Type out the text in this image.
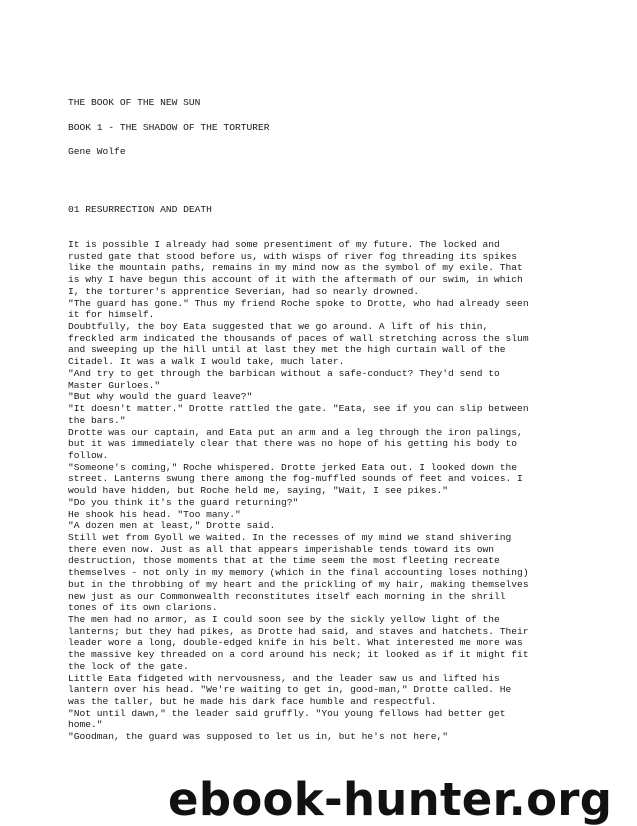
THE BOOK OF THE NEW SUN
BOOK 1 - THE SHADOW OF THE TORTURER
Gene Wolfe
01 RESURRECTION AND DEATH
It is possible I already had some presentiment of my future. The locked and
rusted gate that stood before us, with wisps of river fog threading its spikes
like the mountain paths, remains in my mind now as the symbol of my exile. That
is why I have begun this account of it with the aftermath of our swim, in which
I, the torturer's apprentice Severian, had so nearly drowned.
"The guard has gone." Thus my friend Roche spoke to Drotte, who had already seen
it for himself.
Doubtfully, the boy Eata suggested that we go around. A lift of his thin,
freckled arm indicated the thousands of paces of wall stretching across the slum
and sweeping up the hill until at last they met the high curtain wall of the
Citadel. It was a walk I would take, much later.
"And try to get through the barbican without a safe-conduct? They'd send to
Master Gurloes."
"But why would the guard leave?"
"It doesn't matter." Drotte rattled the gate. "Eata, see if you can slip between
the bars."
Drotte was our captain, and Eata put an arm and a leg through the iron palings,
but it was immediately clear that there was no hope of his getting his body to
follow.
"Someone's coming," Roche whispered. Drotte jerked Eata out. I looked down the
street. Lanterns swung there among the fog-muffled sounds of feet and voices. I
would have hidden, but Roche held me, saying, "Wait, I see pikes."
"Do you think it's the guard returning?"
He shook his head. "Too many."
"A dozen men at least," Drotte said.
Still wet from Gyoll we waited. In the recesses of my mind we stand shivering
there even now. Just as all that appears imperishable tends toward its own
destruction, those moments that at the time seem the most fleeting recreate
themselves - not only in my memory (which in the final accounting loses nothing)
but in the throbbing of my heart and the prickling of my hair, making themselves
new just as our Commonwealth reconstitutes itself each morning in the shrill
tones of its own clarions.
The men had no armor, as I could soon see by the sickly yellow light of the
lanterns; but they had pikes, as Drotte had said, and staves and hatchets. Their
leader wore a long, double-edged knife in his belt. What interested me more was
the massive key threaded on a cord around his neck; it looked as if it might fit
the lock of the gate.
Little Eata fidgeted with nervousness, and the leader saw us and lifted his
lantern over his head. "We're waiting to get in, good-man," Drotte called. He
was the taller, but he made his dark face humble and respectful.
"Not until dawn," the leader said gruffly. "You young fellows had better get
home."
"Goodman, the guard was supposed to let us in, but he's not here,"
ebook-hunter.org
